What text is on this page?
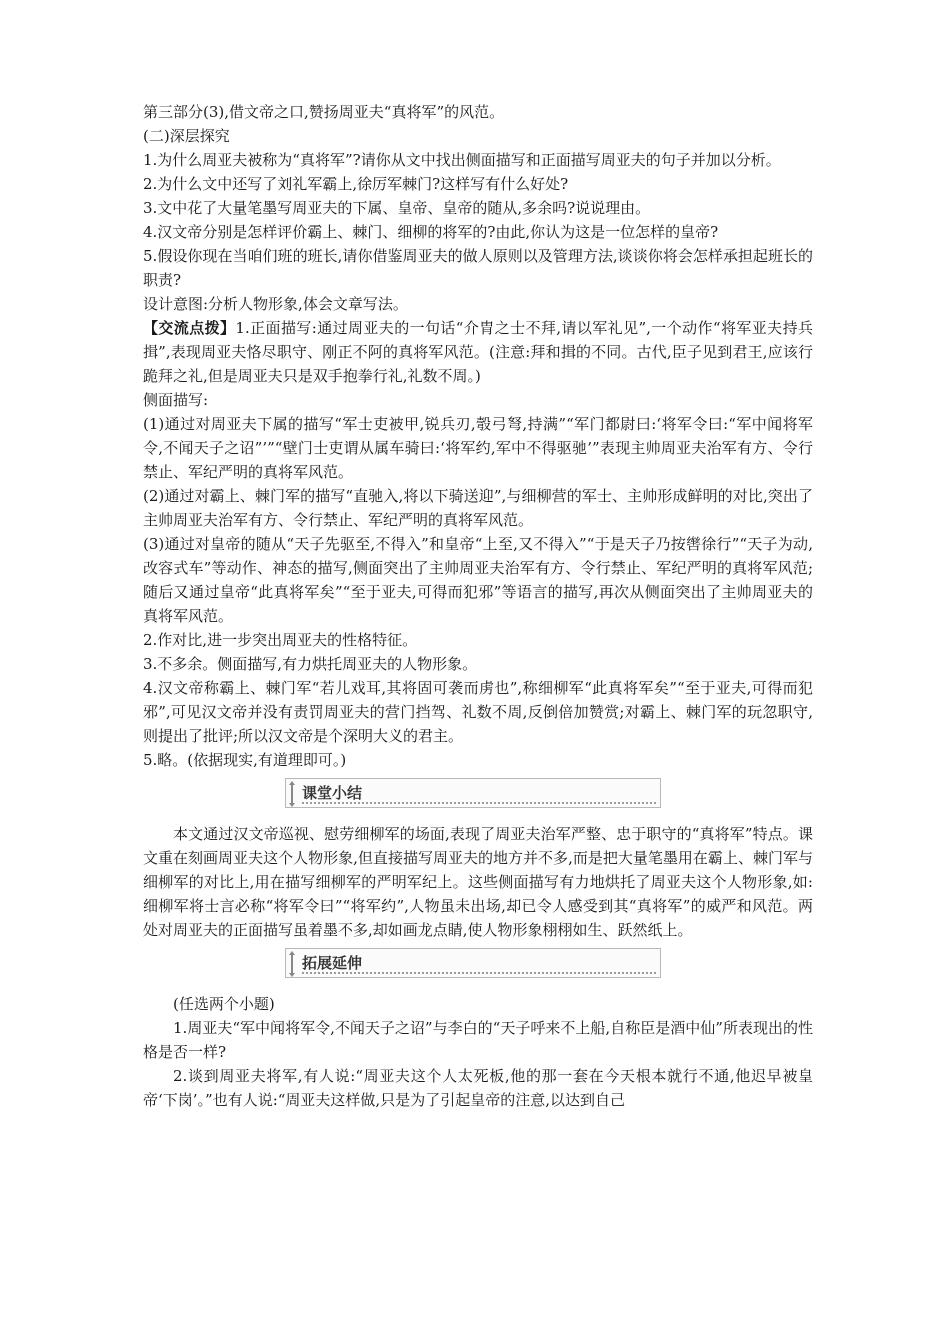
第三部分(3),借文帝之口,赞扬周亚夫“真将军”的风范。

(二)深层探究

1.为什么周亚夫被称为“真将军”?请你从文中找出侧面描写和正面描写周亚夫的句子并加以分析。

2.为什么文中还写了刘礼军霸上,徐厉军棘门?这样写有什么好处?

3.文中花了大量笔墨写周亚夫的下属、皇帝、皇帝的随从,多余吗?说说理由。

4.汉文帝分别是怎样评价霸上、棘门、细柳的将军的?由此,你认为这是一位怎样的皇帝?

5.假设你现在当咱们班的班长,请你借鉴周亚夫的做人原则以及管理方法,谈谈你将会怎样承担起班长的职责?

设计意图:分析人物形象,体会文章写法。

【交流点拨】1.正面描写:通过周亚夫的一句话“介胄之士不拜,请以军礼见”,一个动作“将军亚夫持兵揖”,表现周亚夫恪尽职守、刚正不阿的真将军风范。(注意:拜和揖的不同。古代,臣子见到君王,应该行跪拜之礼,但是周亚夫只是双手抱拳行礼,礼数不周。)

侧面描写:

(1)通过对周亚夫下属的描写“军士吏被甲,锐兵刃,彀弓弩,持满”“军门都尉曰:‘将军令曰:“军中闻将军令,不闻天子之诏”’”“壁门士吏谓从属车骑曰:‘将军约,军中不得驱驰’”表现主帅周亚夫治军有方、令行禁止、军纪严明的真将军风范。

(2)通过对霸上、棘门军的描写“直驰入,将以下骑送迎”,与细柳营的军士、主帅形成鲜明的对比,突出了主帅周亚夫治军有方、令行禁止、军纪严明的真将军风范。

(3)通过对皇帝的随从“天子先驱至,不得入”和皇帝“上至,又不得入”“于是天子乃按辔徐行”“天子为动,改容式车”等动作、神态的描写,侧面突出了主帅周亚夫治军有方、令行禁止、军纪严明的真将军风范;随后又通过皇帝“此真将军矣”“至于亚夫,可得而犯邪”等语言的描写,再次从侧面突出了主帅周亚夫的真将军风范。

2.作对比,进一步突出周亚夫的性格特征。

3.不多余。侧面描写,有力烘托周亚夫的人物形象。

4.汉文帝称霸上、棘门军“若儿戏耳,其将固可袭而虏也”,称细柳军“此真将军矣”“至于亚夫,可得而犯邪”,可见汉文帝并没有责罚周亚夫的营门挡驾、礼数不周,反倒倍加赞赏;对霸上、棘门军的玩忽职守,则提出了批评;所以汉文帝是个深明大义的君主。

5.略。(依据现实,有道理即可。)

课堂小结

本文通过汉文帝巡视、慰劳细柳军的场面,表现了周亚夫治军严整、忠于职守的“真将军”特点。课文重在刻画周亚夫这个人物形象,但直接描写周亚夫的地方并不多,而是把大量笔墨用在霸上、棘门军与细柳军的对比上,用在描写细柳军的严明军纪上。这些侧面描写有力地烘托了周亚夫这个人物形象,如:细柳军将士言必称“将军令曰”“将军约”,人物虽未出场,却已令人感受到其“真将军”的威严和风范。两处对周亚夫的正面描写虽着墨不多,却如画龙点睛,使人物形象栩栩如生、跃然纸上。

拓展延伸

(任选两个小题)

1.周亚夫“军中闻将军令,不闻天子之诏”与李白的“天子呼来不上船,自称臣是酒中仙”所表现出的性格是否一样?

2.谈到周亚夫将军,有人说:“周亚夫这个人太死板,他的那一套在今天根本就行不通,他迟早被皇帝‘下岗’。”也有人说:“周亚夫这样做,只是为了引起皇帝的注意,以达到自己
